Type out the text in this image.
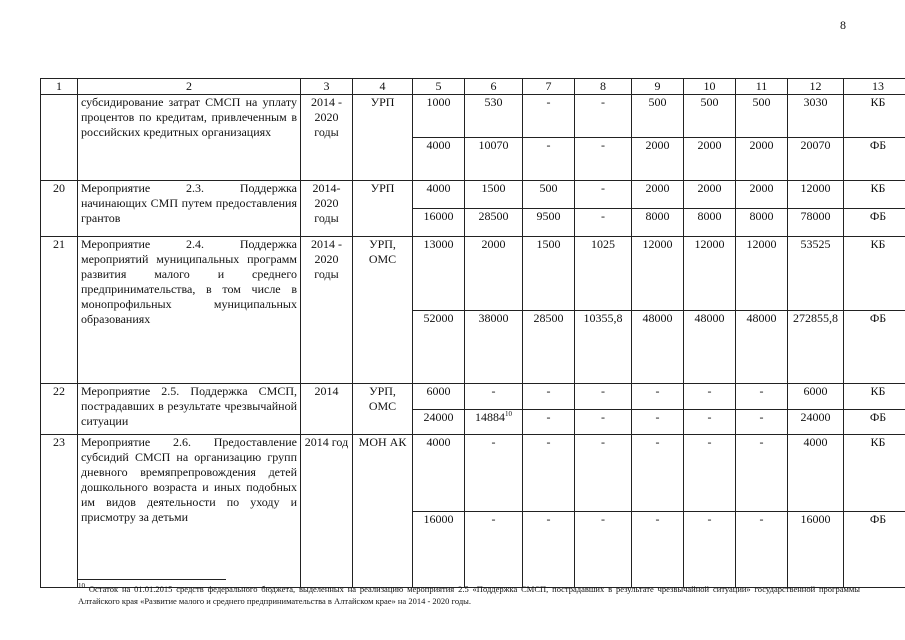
8
1	2	3	4	5	6	7	8	9	10	11	12	13
	субсидирование затрат СМСП на уплату процентов по кредитам, привлеченным в российских кредитных организациях	2014 - 2020 годы	УРП	1000	530	-	-	500	500	500	3030	КБ
				4000	10070	-	-	2000	2000	2000	20070	ФБ
20	Мероприятие 2.3. Поддержка начинающих СМП путем предоставления грантов	2014- 2020 годы	УРП	4000	1500	500	-	2000	2000	2000	12000	КБ
				16000	28500	9500	-	8000	8000	8000	78000	ФБ
21	Мероприятие 2.4. Поддержка мероприятий муниципальных программ развития малого и среднего предпринимательства, в том числе в монопрофильных муниципальных образованиях	2014 - 2020 годы	УРП, ОМС	13000	2000	1500	1025	12000	12000	12000	53525	КБ
				52000	38000	28500	10355,8	48000	48000	48000	272855,8	ФБ
22	Мероприятие 2.5. Поддержка СМСП, пострадавших в результате чрезвычайной ситуации	2014	УРП, ОМС	6000	-	-	-	-	-	-	6000	КБ
				24000	14884$^{10}$	-	-	-	-	-	24000	ФБ
23	Мероприятие 2.6. Предоставление субсидий СМСП на организацию групп дневного времяпрепровождения детей дошкольного возраста и иных подобных им видов деятельности по уходу и присмотру за детьми	2014 год	МОН АК	4000	-	-	-	-	-	-	4000	КБ
				16000	-	-	-	-	-	-	16000	ФБ
$^{10}$ Остаток на 01.01.2015 средств федерального бюджета, выделенных на реализацию мероприятия 2.5 «Поддержка СМСП, пострадавших в результате чрезвычайной ситуации» государственной программы Алтайского края «Развитие малого и среднего предпринимательства в Алтайском крае» на 2014 - 2020 годы.
